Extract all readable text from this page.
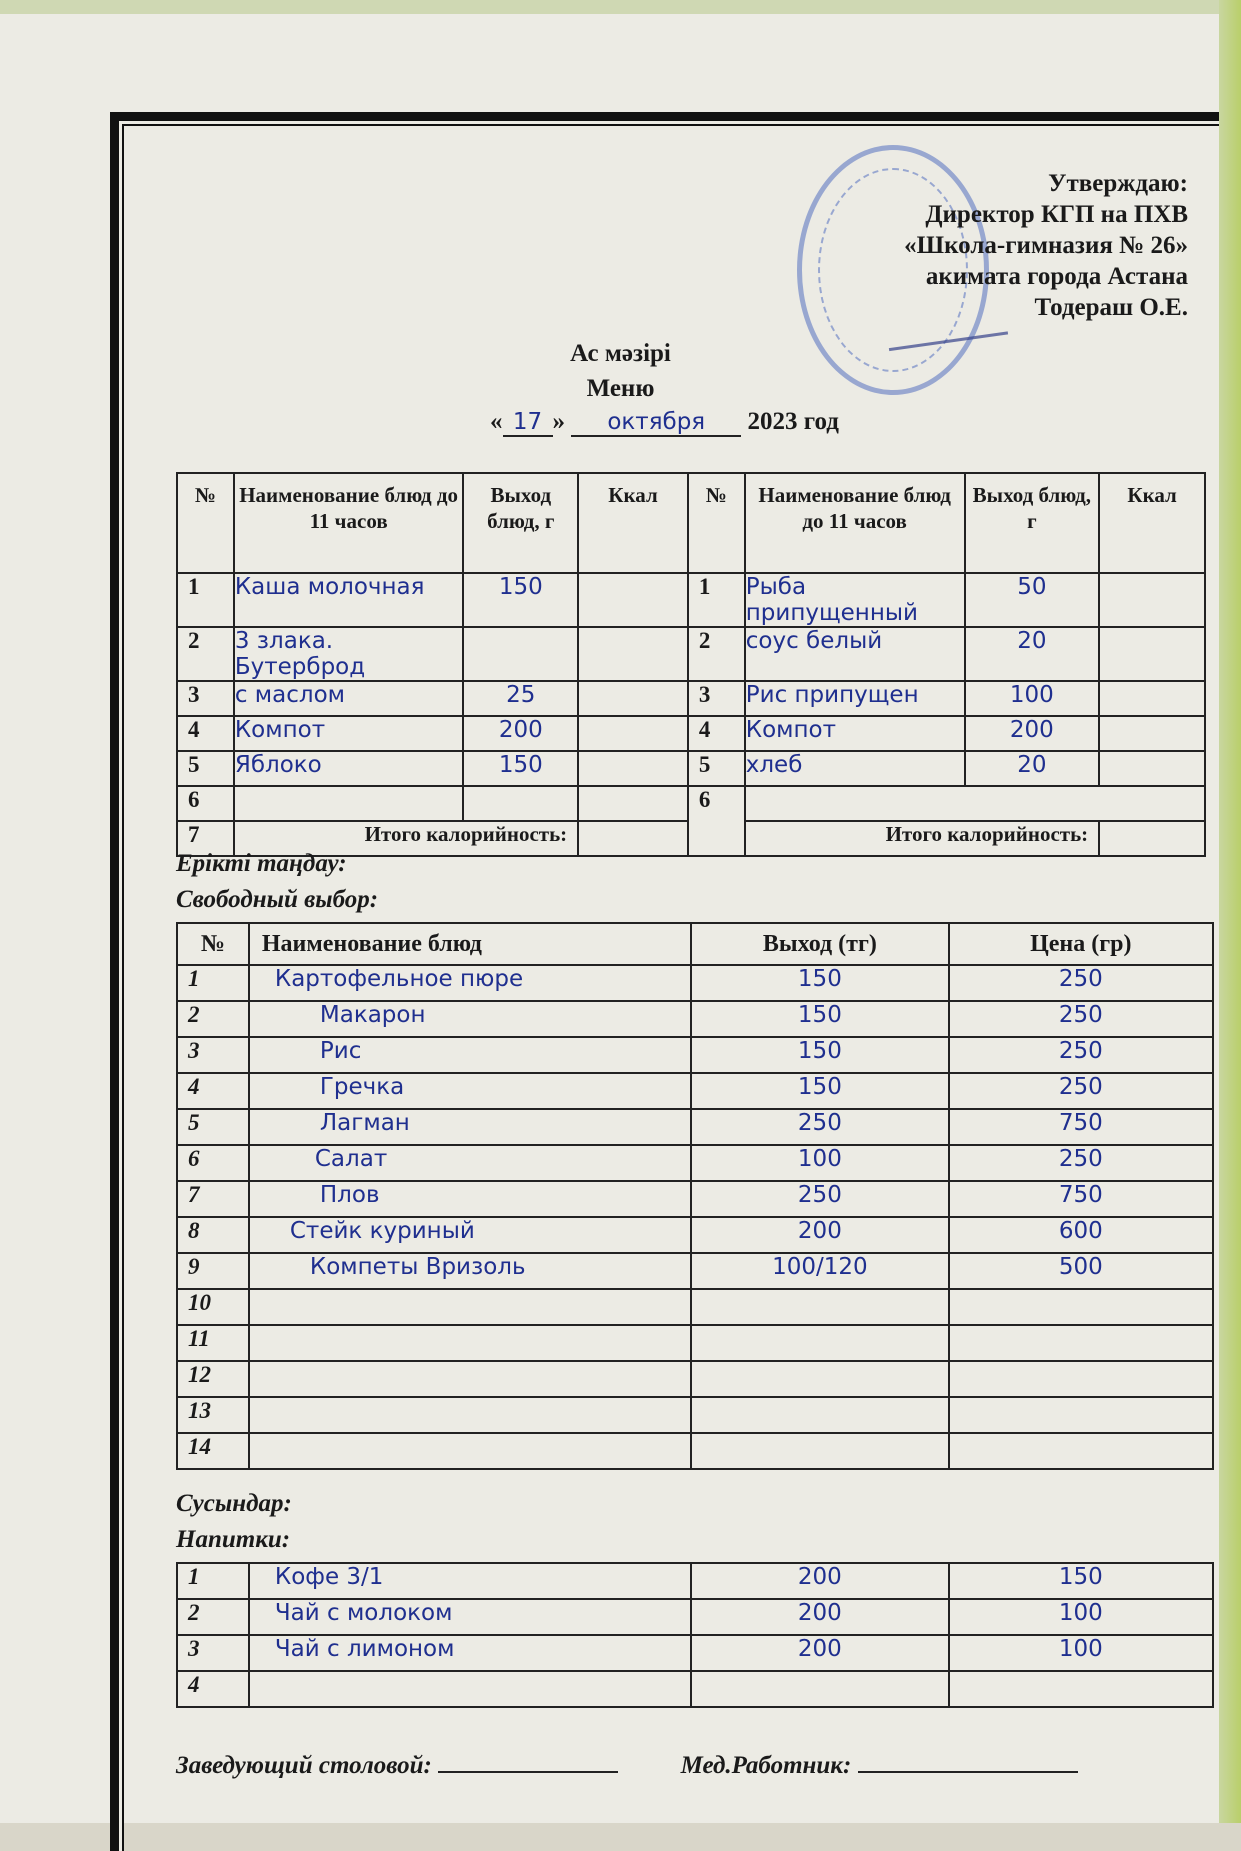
Утверждаю:
Директор КГП на ПХВ
«Школа-гимназия № 26»
акимата города Астана
Тодераш О.Е.
Ас мәзірі
Меню
« 17 » октября 2023 год
№	Наименование блюд до 11 часов	Выход блюд, г	Ккал	№	Наименование блюд до 11 часов	Выход блюд, г	Ккал
1	Каша молочная	150		1	Рыба припущенный	50	
2	3 злака. Бутерброд			2	соус белый	20	
3	с маслом	25		3	Рис припущен	100	
4	Компот	200		4	Компот	200	
5	Яблоко	150		5	хлеб	20	
6				6			
7	Итого калорийность:				Итого калорийность:		
Ерікті таңдау:
Свободный выбор:
№	Наименование блюд	Выход (тг)	Цена (гр)
1	Картофельное пюре	150	250
2	Макарон	150	250
3	Рис	150	250
4	Гречка	150	250
5	Лагман	250	750
6	Салат	100	250
7	Плов	250	750
8	Стейк куриный	200	600
9	Компеты Вризоль	100/120	500
10			
11			
12			
13			
14			
Сусындар:
Напитки:
1	Кофе 3/1	200	150
2	Чай с молоком	200	100
3	Чай с лимоном	200	100
4			
Заведующий столовой:	Мед.Работник:
